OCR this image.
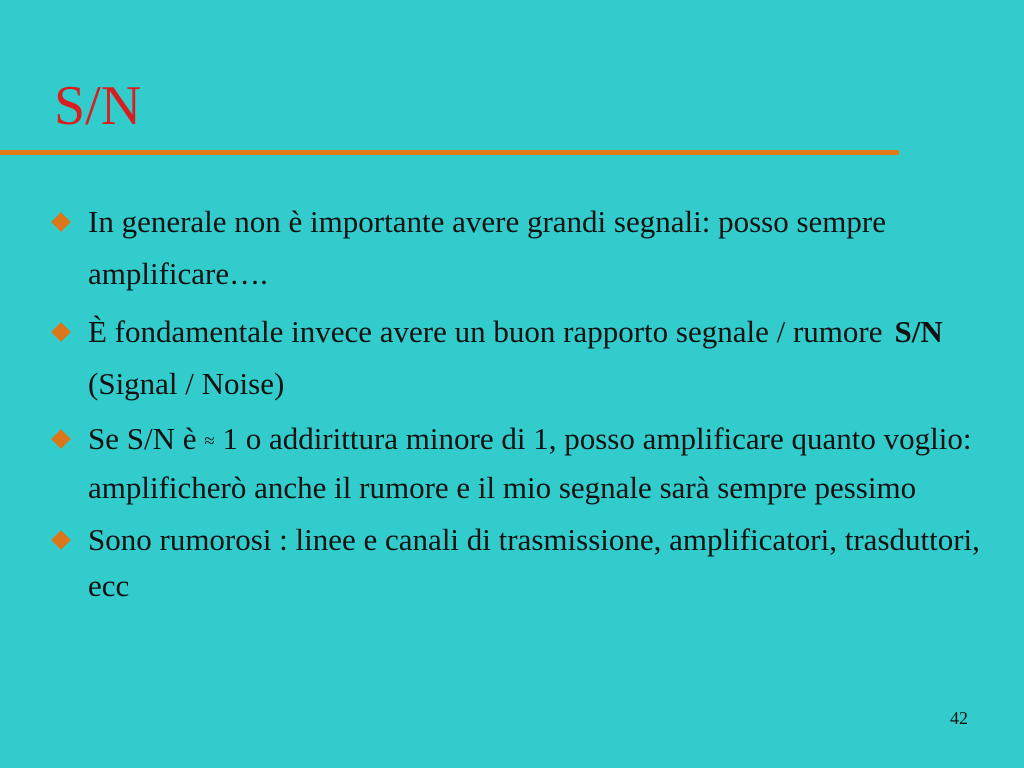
S/N
In generale non è importante avere grandi segnali: posso sempre amplificare….
È fondamentale invece avere un buon rapporto segnale / rumore S/N (Signal / Noise)
Se S/N è ≈ 1 o addirittura minore di 1, posso amplificare quanto voglio: amplificherò anche il rumore e il mio segnale sarà sempre pessimo
Sono rumorosi : linee e canali di trasmissione, amplificatori, trasduttori, ecc
42
